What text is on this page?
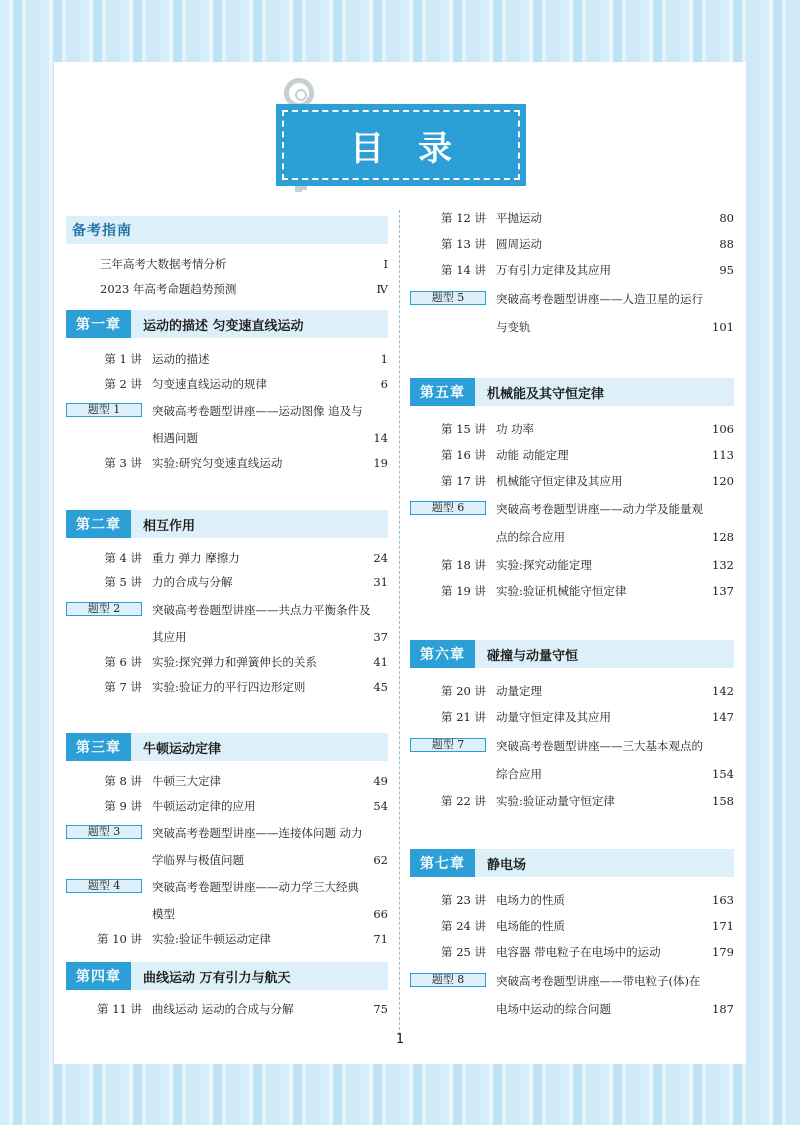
目录
备考指南
三年高考大数据考情分析	Ⅰ
2023 年高考命题趋势预测	Ⅳ
第一章	运动的描述 匀变速直线运动
第 1 讲 运动的描述	1
第 2 讲 匀变速直线运动的规律	6
题型 1	突破高考卷题型讲座——运动图像 追及与
相遇问题	14
第 3 讲 实验:研究匀变速直线运动	19
第二章	相互作用
第 4 讲 重力 弹力 摩擦力	24
第 5 讲 力的合成与分解	31
题型 2	突破高考卷题型讲座——共点力平衡条件及
其应用	37
第 6 讲 实验:探究弹力和弹簧伸长的关系	41
第 7 讲 实验:验证力的平行四边形定则	45
第三章	牛顿运动定律
第 8 讲 牛顿三大定律	49
第 9 讲 牛顿运动定律的应用	54
题型 3	突破高考卷题型讲座——连接体问题 动力
学临界与极值问题	62
题型 4	突破高考卷题型讲座——动力学三大经典
模型	66
第 10 讲 实验:验证牛顿运动定律	71
第四章	曲线运动 万有引力与航天
第 11 讲 曲线运动 运动的合成与分解	75
第 12 讲 平抛运动	80
第 13 讲 圆周运动	88
第 14 讲 万有引力定律及其应用	95
题型 5	突破高考卷题型讲座——人造卫星的运行
与变轨	101
第五章	机械能及其守恒定律
第 15 讲 功 功率	106
第 16 讲 动能 动能定理	113
第 17 讲 机械能守恒定律及其应用	120
题型 6	突破高考卷题型讲座——动力学及能量观
点的综合应用	128
第 18 讲 实验:探究动能定理	132
第 19 讲 实验:验证机械能守恒定律	137
第六章	碰撞与动量守恒
第 20 讲 动量定理	142
第 21 讲 动量守恒定律及其应用	147
题型 7	突破高考卷题型讲座——三大基本观点的
综合应用	154
第 22 讲 实验:验证动量守恒定律	158
第七章	静电场
第 23 讲 电场力的性质	163
第 24 讲 电场能的性质	171
第 25 讲 电容器 带电粒子在电场中的运动	179
题型 8	突破高考卷题型讲座——带电粒子(体)在
电场中运动的综合问题	187
1
